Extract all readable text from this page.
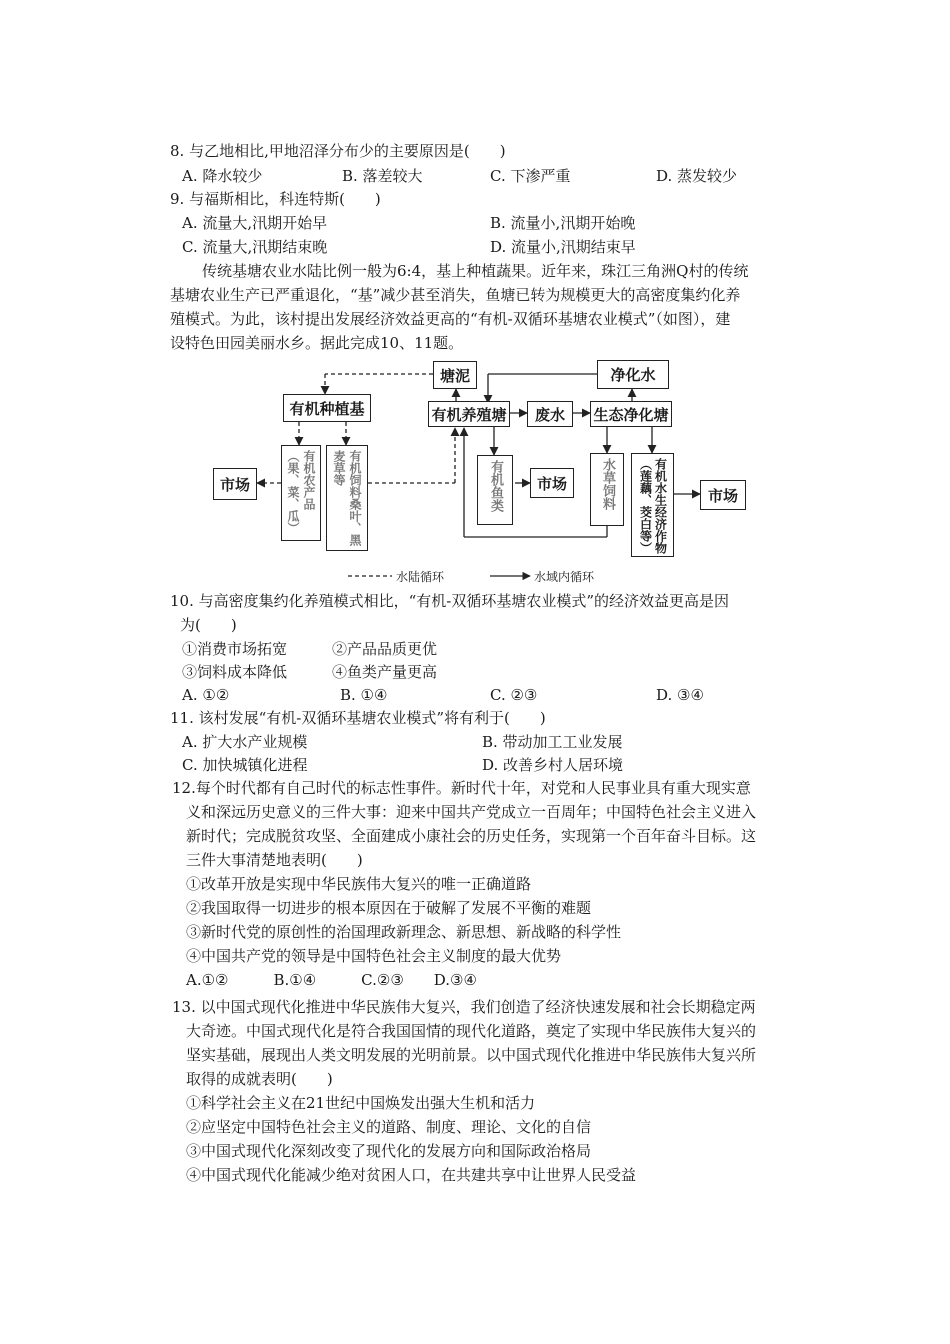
8. 与乙地相比,甲地沼泽分布少的主要原因是(　　)
A. 降水较少	B. 落差较大	C. 下渗严重	D. 蒸发较少
9. 与福斯相比，科连特斯(　　)
A. 流量大,汛期开始早	B. 流量小,汛期开始晚
C. 流量大,汛期结束晚	D. 流量小,汛期结束早
传统基塘农业水陆比例一般为6:4，基上种植蔬果。近年来，珠江三角洲Q村的传统
基塘农业生产已严重退化，“基”减少甚至消失，鱼塘已转为规模更大的高密度集约化养
殖模式。为此，该村提出发展经济效益更高的“有机-双循环基塘农业模式”（如图），建
设特色田园美丽水乡。据此完成10、11题。
市场
有机种植基
有机农产品（果、菜、瓜）	有机饲料桑叶、黑麦草等
塘泥
有机养殖塘	废水
净化水
生态净化塘
有机鱼类	市场	水草饲料	有机水生经济作物（莲藕、茭白等）	市场
水陆循环	水域内循环
10. 与高密度集约化养殖模式相比，“有机-双循环基塘农业模式”的经济效益更高是因
为(　　)
①消费市场拓宽	②产品品质更优
③饲料成本降低	④鱼类产量更高
A. ①②	B. ①④	C. ②③	D. ③④
11. 该村发展“有机-双循环基塘农业模式”将有利于(　　)
A. 扩大水产业规模	B. 带动加工工业发展
C. 加快城镇化进程	D. 改善乡村人居环境
12.每个时代都有自己时代的标志性事件。新时代十年，对党和人民事业具有重大现实意
义和深远历史意义的三件大事：迎来中国共产党成立一百周年；中国特色社会主义进入
新时代；完成脱贫攻坚、全面建成小康社会的历史任务，实现第一个百年奋斗目标。这
三件大事清楚地表明(　　)
①改革开放是实现中华民族伟大复兴的唯一正确道路
②我国取得一切进步的根本原因在于破解了发展不平衡的难题
③新时代党的原创性的治国理政新理念、新思想、新战略的科学性
④中国共产党的领导是中国特色社会主义制度的最大优势
A.①②　　　B.①④　　　C.②③　　D.③④
13. 以中国式现代化推进中华民族伟大复兴，我们创造了经济快速发展和社会长期稳定两
大奇迹。中国式现代化是符合我国国情的现代化道路，奠定了实现中华民族伟大复兴的
坚实基础，展现出人类文明发展的光明前景。以中国式现代化推进中华民族伟大复兴所
取得的成就表明(　　)
①科学社会主义在21世纪中国焕发出强大生机和活力
②应坚定中国特色社会主义的道路、制度、理论、文化的自信
③中国式现代化深刻改变了现代化的发展方向和国际政治格局
④中国式现代化能减少绝对贫困人口，在共建共享中让世界人民受益
